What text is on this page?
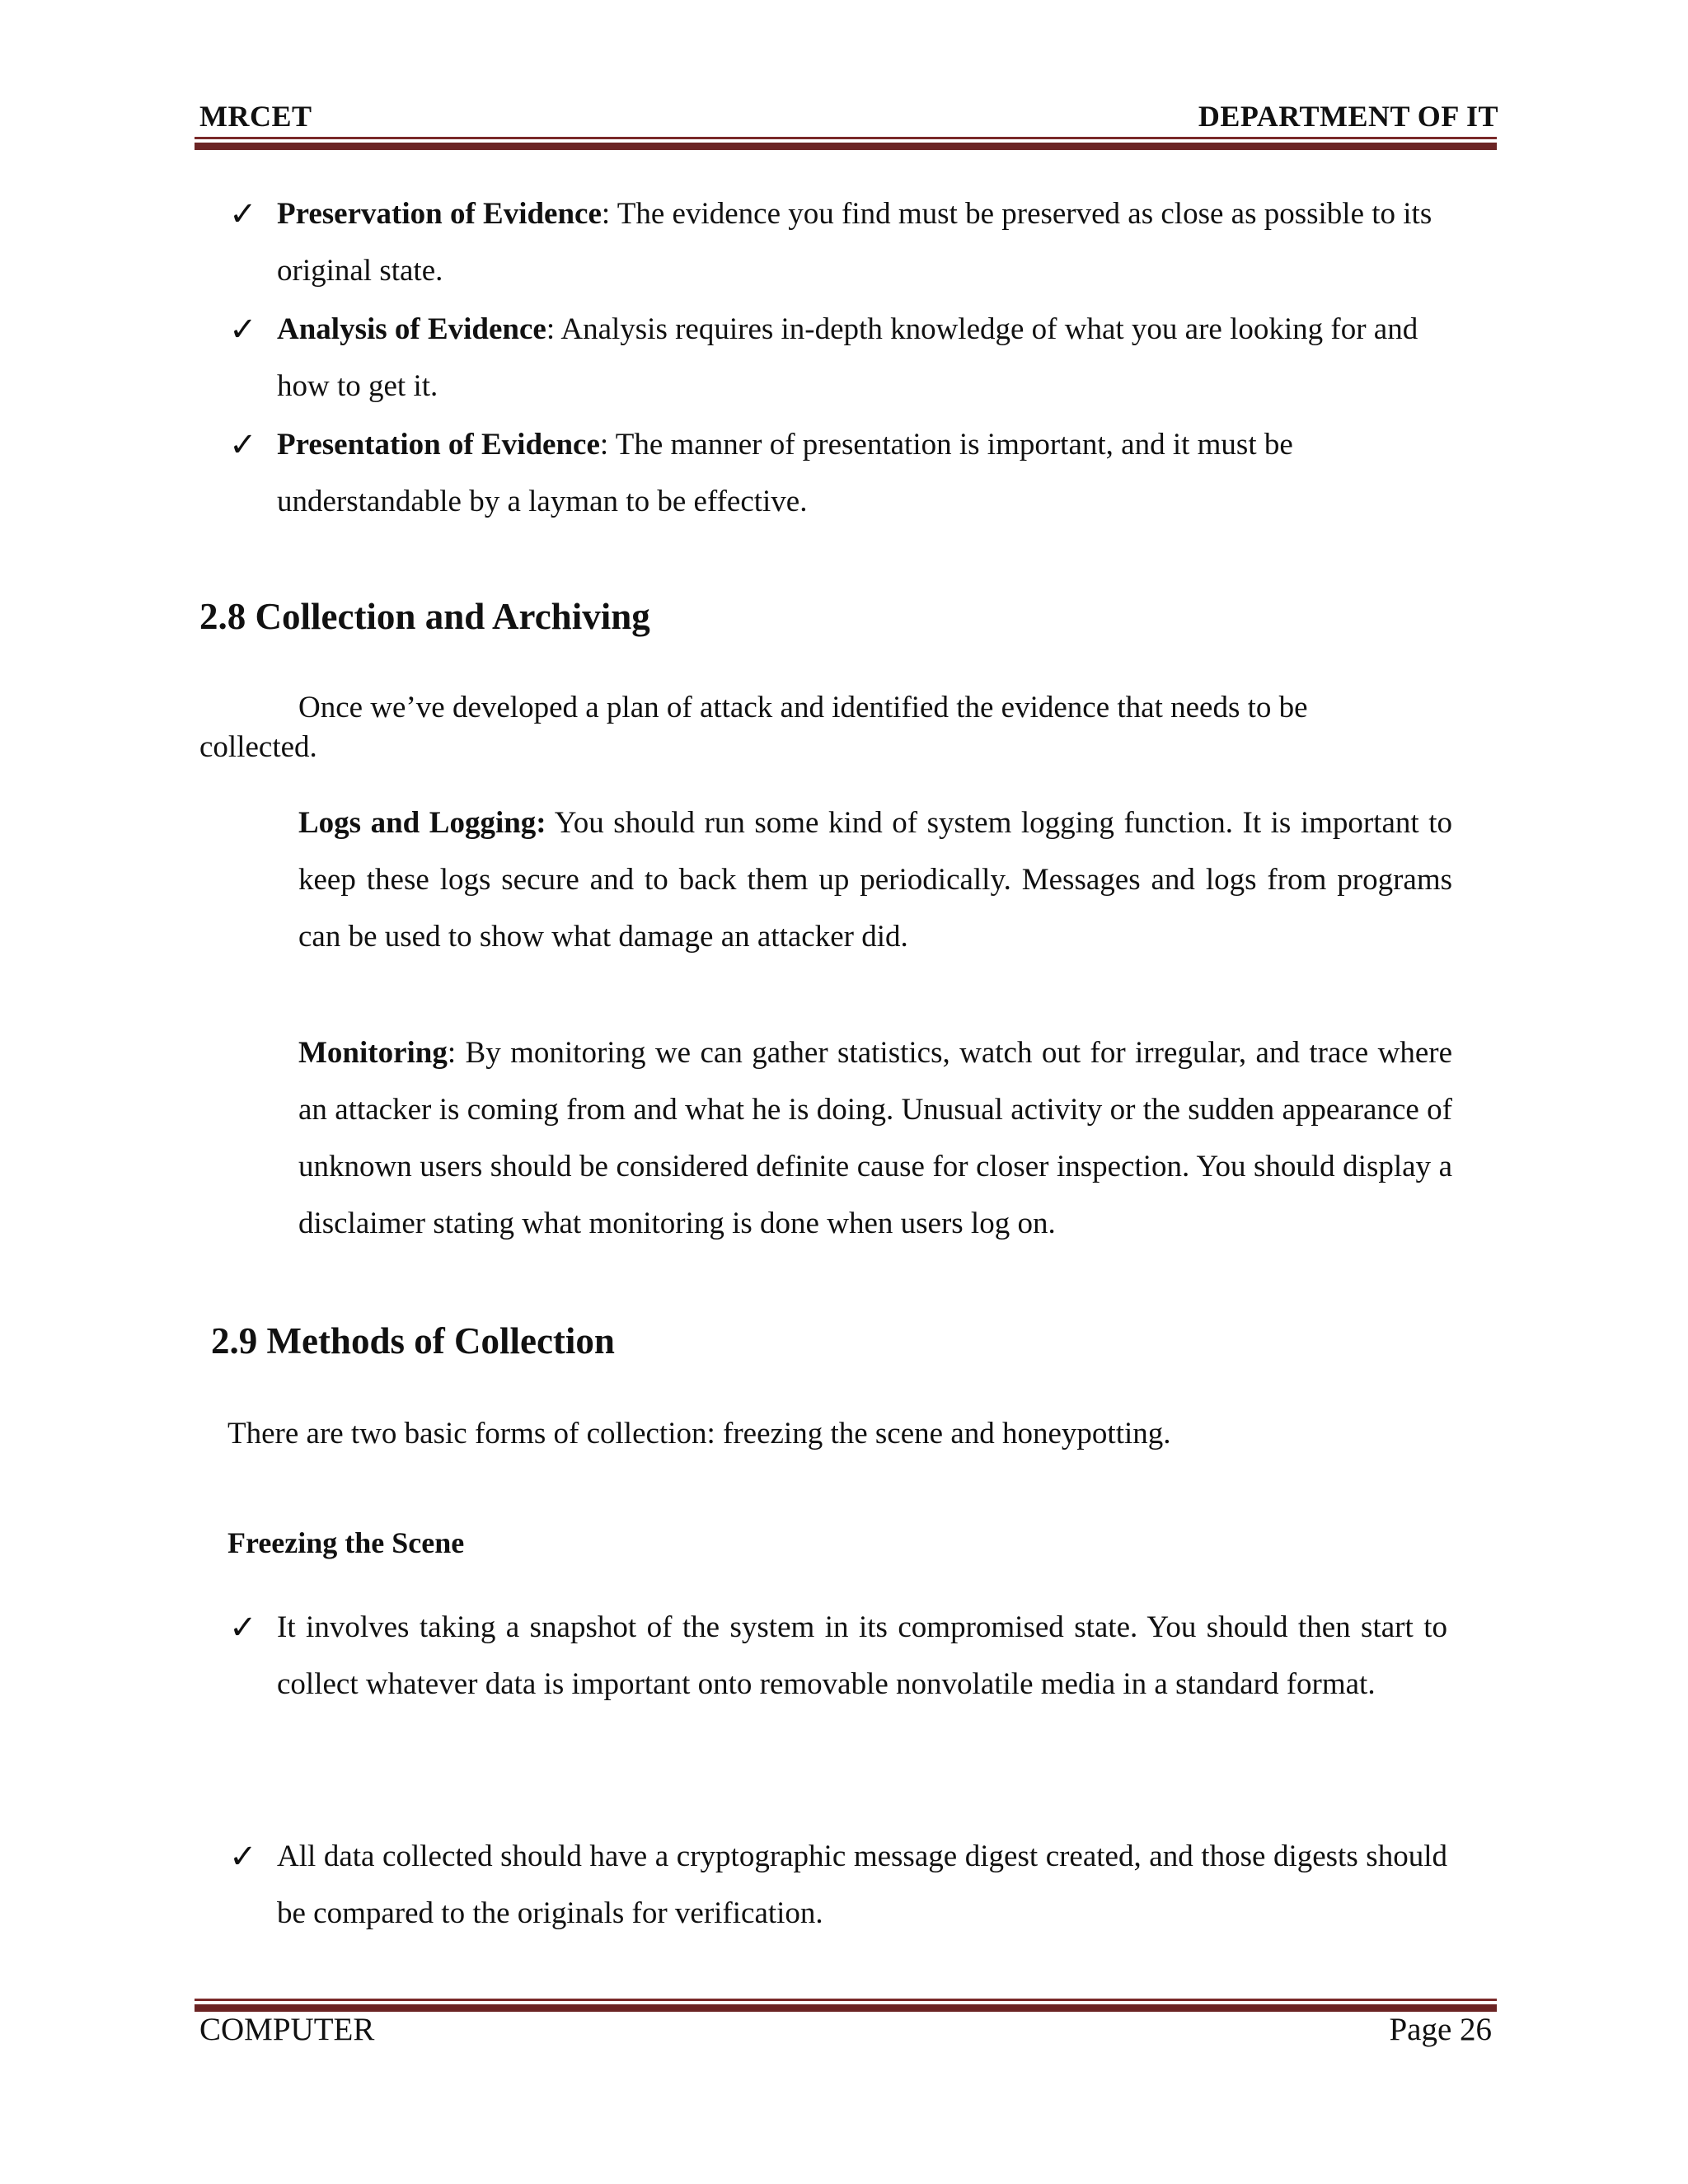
MRCET	DEPARTMENT OF IT
✓ Preservation of Evidence: The evidence you find must be preserved as close as possible to its original state.
✓ Analysis of Evidence: Analysis requires in-depth knowledge of what you are looking for and how to get it.
✓ Presentation of Evidence: The manner of presentation is important, and it must be understandable by a layman to be effective.
2.8 Collection and Archiving
Once we’ve developed a plan of attack and identified the evidence that needs to be collected.
Logs and Logging: You should run some kind of system logging function. It is important to keep these logs secure and to back them up periodically. Messages and logs from programs can be used to show what damage an attacker did.
Monitoring: By monitoring we can gather statistics, watch out for irregular, and trace where an attacker is coming from and what he is doing. Unusual activity or the sudden appearance of unknown users should be considered definite cause for closer inspection. You should display a disclaimer stating what monitoring is done when users log on.
2.9 Methods of Collection
There are two basic forms of collection: freezing the scene and honeypotting.
Freezing the Scene
✓ It involves taking a snapshot of the system in its compromised state. You should then start to collect whatever data is important onto removable nonvolatile media in a standard format.
✓ All data collected should have a cryptographic message digest created, and those digests should be compared to the originals for verification.
COMPUTER	Page 26
